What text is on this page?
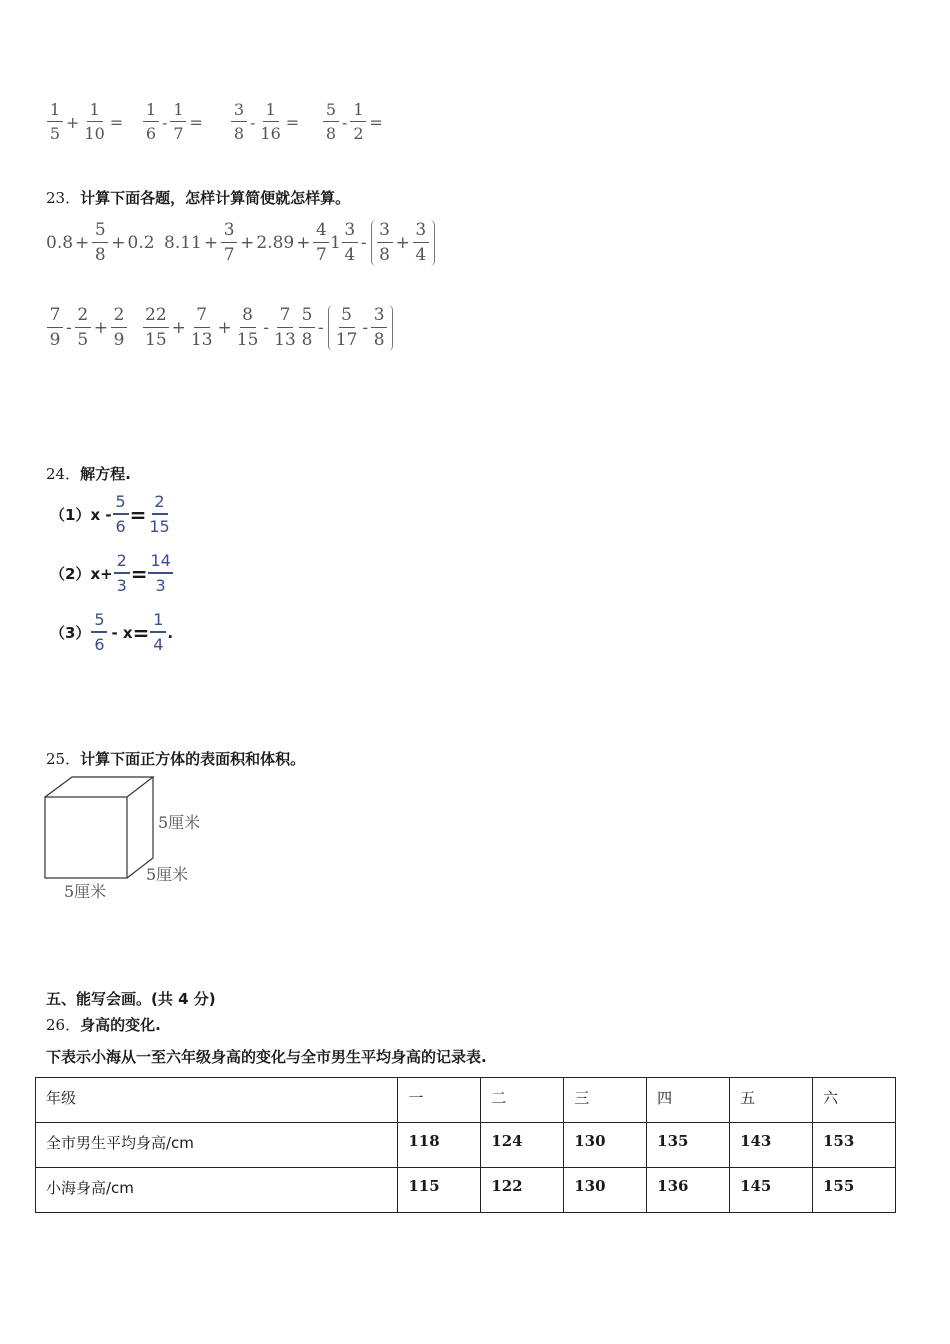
$\frac{1}{5} + \frac{1}{10} = \frac{1}{6} - \frac{1}{7} = \frac{3}{8} - \frac{1}{16} = \frac{5}{8} - \frac{1}{2}$ =
23．计算下面各题，怎样计算简便就怎样算。
$0.8 + \frac{5}{8} + 0.2$ $8.11 + \frac{3}{7} + 2.89 + \frac{4}{7} 1 \frac{3}{4} - \frac{3}{8} + \frac{3}{4}$
$\frac{7}{9} - \frac{2}{5} + \frac{2}{9} \frac{22}{15} + \frac{7}{13} + \frac{8}{15} - \frac{7}{13} \frac{5}{8} - \frac{5}{17} - \frac{3}{8}$
24．解方程.
（1） $x - \frac{5}{6} = \frac{2}{15}$
（2） $x+ \frac{2}{3} = \frac{14}{3}$
$(3) \frac{5}{6} - x = \frac{1}{4}$ .
25．计算下面正方体的表面积和体积。
5厘米
5厘米
5厘米
五、能写会画。(共 4 分)
26．身高的变化.
下表示小海从一至六年级身高的变化与全市男生平均身高的记录表.
年级	一	二	三	四	五	六
全市男生平均身高/cm	118	124	130	135	143	153
小海身高/cm	115	122	130	136	145	155
